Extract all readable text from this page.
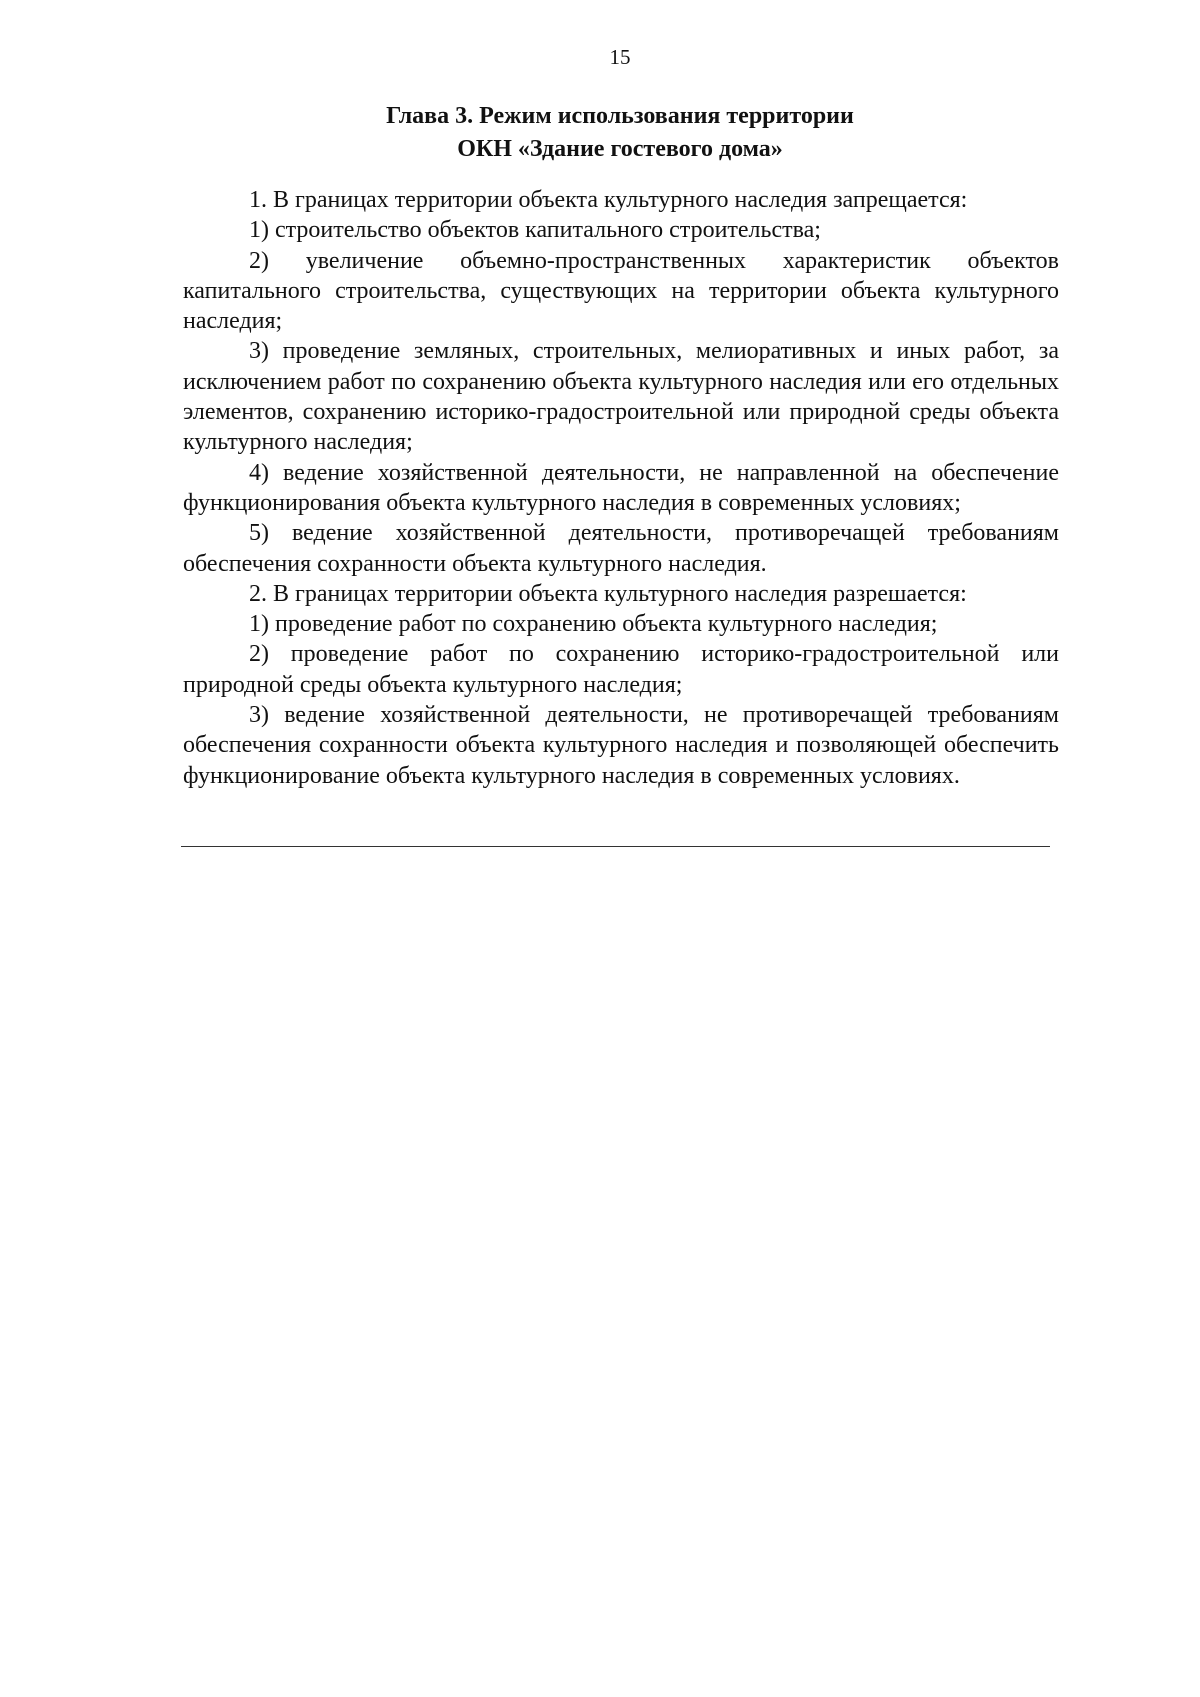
15
Глава 3. Режим использования территории
ОКН «Здание гостевого дома»

1. В границах территории объекта культурного наследия запрещается:

1) строительство объектов капитального строительства;

2) увеличение объемно-пространственных характеристик объектов капитального строительства, существующих на территории объекта культурного наследия;

3) проведение земляных, строительных, мелиоративных и иных работ, за исключением работ по сохранению объекта культурного наследия или его отдельных элементов, сохранению историко-градостроительной или природной среды объекта культурного наследия;

4) ведение хозяйственной деятельности, не направленной на обеспечение функционирования объекта культурного наследия в современных условиях;

5) ведение хозяйственной деятельности, противоречащей требованиям обеспечения сохранности объекта культурного наследия.

2. В границах территории объекта культурного наследия разрешается:

1) проведение работ по сохранению объекта культурного наследия;

2) проведение работ по сохранению историко-градостроительной или природной среды объекта культурного наследия;

3) ведение хозяйственной деятельности, не противоречащей требованиям обеспечения сохранности объекта культурного наследия и позволяющей обеспечить функционирование объекта культурного наследия в современных условиях.
